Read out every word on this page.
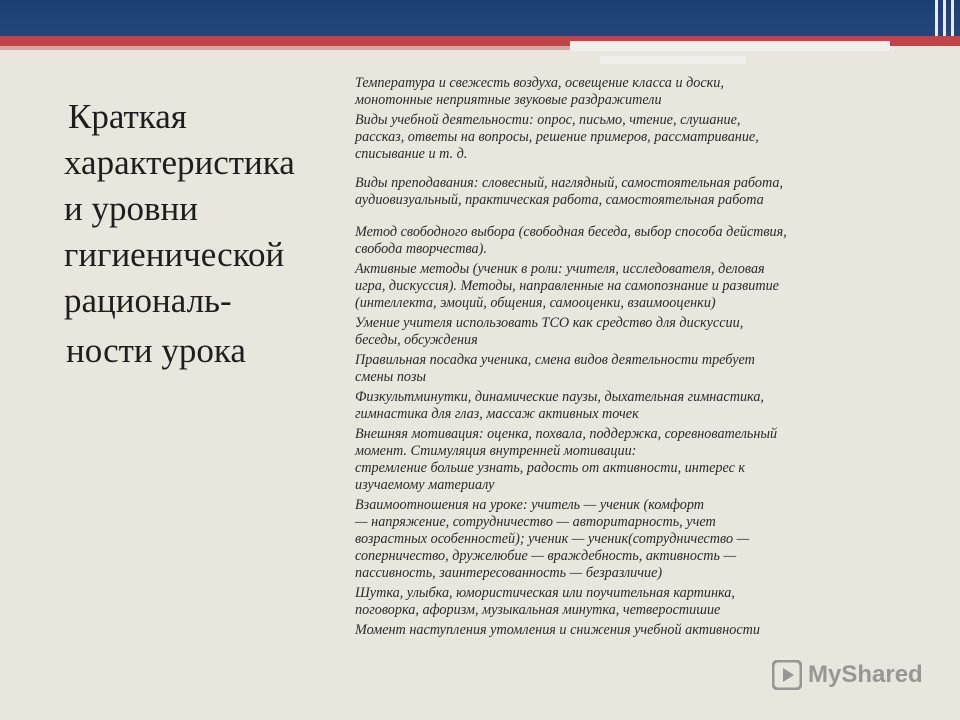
Краткая
характеристика
и уровни
гигиенической
рациональ-
ности урока
Температура и свежесть воздуха, освещение класса и доски,
монотонные неприятные звуковые раздражители
Виды учебной деятельности: опрос, письмо, чтение, слушание,
рассказ, ответы на вопросы, решение примеров, рассматривание,
списывание и т. д.
Виды преподавания: словесный, наглядный, самостоятельная работа,
аудиовизуальный, практическая работа, самостоятельная работа
Метод свободного выбора (свободная беседа, выбор способа действия,
свобода творчества).
Активные методы (ученик в роли: учителя, исследователя, деловая
игра, дискуссия). Методы, направленные на самопознание и развитие
(интеллекта, эмоций, общения, самооценки, взаимооценки)
Умение учителя использовать ТСО как средство для дискуссии,
беседы, обсуждения
Правильная посадка ученика, смена видов деятельности требует
смены позы
Физкультминутки, динамические паузы, дыхательная гимнастика,
гимнастика для глаз, массаж активных точек
Внешняя мотивация: оценка, похвала, поддержка, соревновательный
момент. Стимуляция внутренней мотивации:
стремление больше узнать, радость от активности, интерес к
изучаемому материалу
Взаимоотношения на уроке: учитель — ученик (комфорт
— напряжение, сотрудничество — авторитарность, учет
возрастных особенностей); ученик — ученик(сотрудничество —
соперничество, дружелюбие — враждебность, активность —
пассивность, заинтересованность — безразличие)
Шутка, улыбка, юмористическая или поучительная картинка,
поговорка, афоризм, музыкальная минутка, четверостишие
Момент наступления утомления и снижения учебной активности
MyShared
